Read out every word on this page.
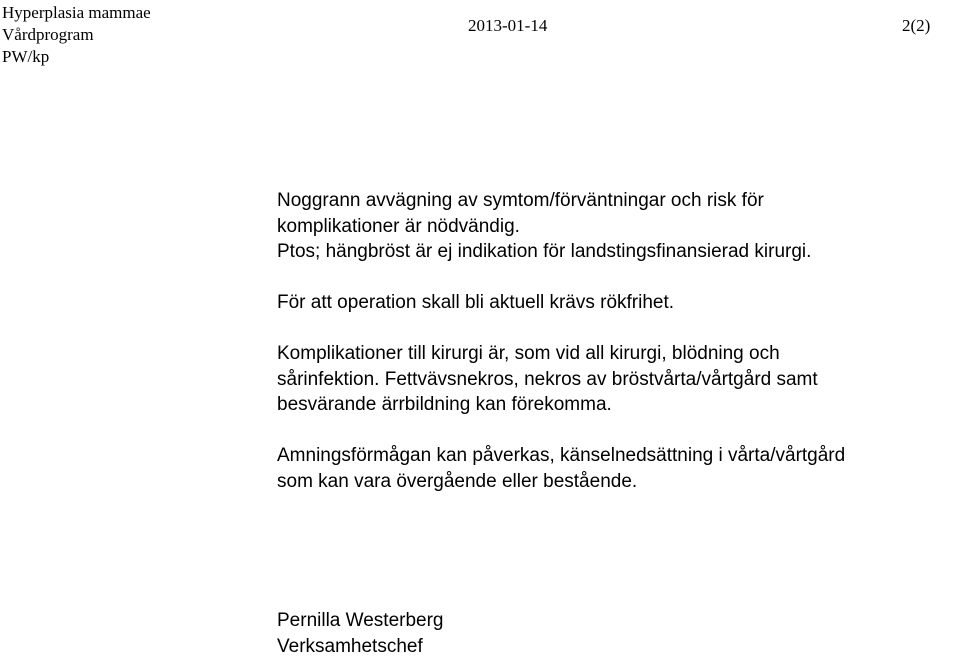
Hyperplasia mammae
Vårdprogram
PW/kp
2013-01-14	2(2)
Noggrann avvägning av symtom/förväntningar och risk för
komplikationer är nödvändig.
Ptos; hängbröst är ej indikation för landstingsfinansierad kirurgi.
För att operation skall bli aktuell krävs rökfrihet.
Komplikationer till kirurgi är, som vid all kirurgi, blödning och
sårinfektion. Fettvävsnekros, nekros av bröstvårta/vårtgård samt
besvärande ärrbildning kan förekomma.
Amningsförmågan kan påverkas, känselnedsättning i vårta/vårtgård
som kan vara övergående eller bestående.
Pernilla Westerberg
Verksamhetschef
